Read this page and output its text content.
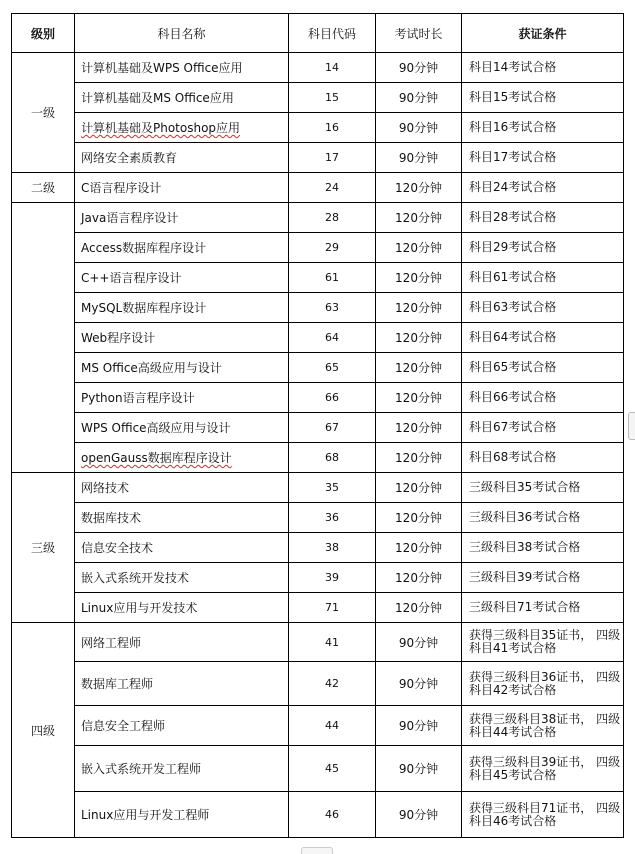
级别	科目名称	科目代码	考试时长	获证条件
一级	计算机基础及WPS Office应用	14	90分钟	科目14考试合格
	计算机基础及MS Office应用	15	90分钟	科目15考试合格
	计算机基础及Photoshop应用	16	90分钟	科目16考试合格
	网络安全素质教育	17	90分钟	科目17考试合格
二级	C语言程序设计	24	120分钟	科目24考试合格
	Java语言程序设计	28	120分钟	科目28考试合格
	Access数据库程序设计	29	120分钟	科目29考试合格
	C++语言程序设计	61	120分钟	科目61考试合格
	MySQL数据库程序设计	63	120分钟	科目63考试合格
	Web程序设计	64	120分钟	科目64考试合格
	MS Office高级应用与设计	65	120分钟	科目65考试合格
	Python语言程序设计	66	120分钟	科目66考试合格
	WPS Office高级应用与设计	67	120分钟	科目67考试合格
	openGauss数据库程序设计	68	120分钟	科目68考试合格
三级	网络技术	35	120分钟	三级科目35考试合格
	数据库技术	36	120分钟	三级科目36考试合格
	信息安全技术	38	120分钟	三级科目38考试合格
	嵌入式系统开发技术	39	120分钟	三级科目39考试合格
	Linux应用与开发技术	71	120分钟	三级科目71考试合格
四级	网络工程师	41	90分钟	获得三级科目35证书， 四级科目41考试合格
	数据库工程师	42	90分钟	获得三级科目36证书， 四级科目42考试合格
	信息安全工程师	44	90分钟	获得三级科目38证书， 四级科目44考试合格
	嵌入式系统开发工程师	45	90分钟	获得三级科目39证书， 四级科目45考试合格
	Linux应用与开发工程师	46	90分钟	获得三级科目71证书， 四级科目46考试合格
